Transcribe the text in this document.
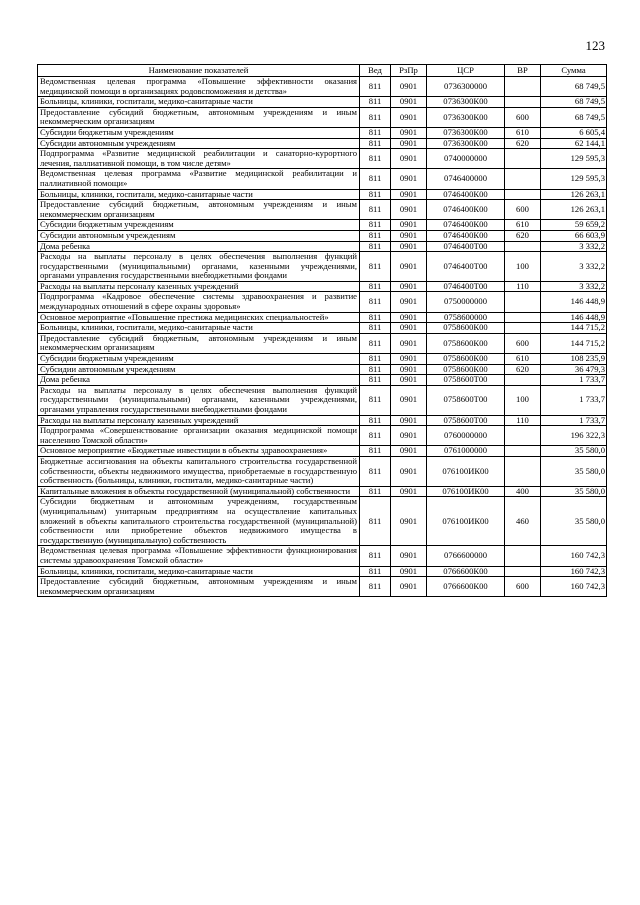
123
Наименование показателей	Вед	РзПр	ЦСР	ВР	Сумма
Ведомственная целевая программа «Повышение эффективности оказания медицинской помощи в организациях родовспоможения и детства»	811	0901	0736300000		68 749,5
Больницы, клиники, госпитали, медико-санитарные части	811	0901	0736300К00		68 749,5
Предоставление субсидий бюджетным, автономным учреждениям и иным некоммерческим организациям	811	0901	0736300К00	600	68 749,5
Субсидии бюджетным учреждениям	811	0901	0736300К00	610	6 605,4
Субсидии автономным учреждениям	811	0901	0736300К00	620	62 144,1
Подпрограмма «Развитие медицинской реабилитации и санаторно-курортного лечения, паллиативной помощи, в том числе детям»	811	0901	0740000000		129 595,3
Ведомственная целевая программа «Развитие медицинской реабилитации и паллиативной помощи»	811	0901	0746400000		129 595,3
Больницы, клиники, госпитали, медико-санитарные части	811	0901	0746400К00		126 263,1
Предоставление субсидий бюджетным, автономным учреждениям и иным некоммерческим организациям	811	0901	0746400К00	600	126 263,1
Субсидии бюджетным учреждениям	811	0901	0746400К00	610	59 659,2
Субсидии автономным учреждениям	811	0901	0746400К00	620	66 603,9
Дома ребенка	811	0901	0746400Т00		3 332,2
Расходы на выплаты персоналу в целях обеспечения выполнения функций государственными (муниципальными) органами, казенными учреждениями, органами управления государственными внебюджетными фондами	811	0901	0746400Т00	100	3 332,2
Расходы на выплаты персоналу казенных учреждений	811	0901	0746400Т00	110	3 332,2
Подпрограмма «Кадровое обеспечение системы здравоохранения и развитие международных отношений в сфере охраны здоровья»	811	0901	0750000000		146 448,9
Основное мероприятие «Повышение престижа медицинских специальностей»	811	0901	0758600000		146 448,9
Больницы, клиники, госпитали, медико-санитарные части	811	0901	0758600К00		144 715,2
Предоставление субсидий бюджетным, автономным учреждениям и иным некоммерческим организациям	811	0901	0758600К00	600	144 715,2
Субсидии бюджетным учреждениям	811	0901	0758600К00	610	108 235,9
Субсидии автономным учреждениям	811	0901	0758600К00	620	36 479,3
Дома ребенка	811	0901	0758600Т00		1 733,7
Расходы на выплаты персоналу в целях обеспечения выполнения функций государственными (муниципальными) органами, казенными учреждениями, органами управления государственными внебюджетными фондами	811	0901	0758600Т00	100	1 733,7
Расходы на выплаты персоналу казенных учреждений	811	0901	0758600Т00	110	1 733,7
Подпрограмма «Совершенствование организации оказания медицинской помощи населению Томской области»	811	0901	0760000000		196 322,3
Основное мероприятие «Бюджетные инвестиции в объекты здравоохранения»	811	0901	0761000000		35 580,0
Бюджетные ассигнования на объекты капитального строительства государственной собственности, объекты недвижимого имущества, приобретаемые в государственную собственность (больницы, клиники, госпитали, медико-санитарные части)	811	0901	076100ИК00		35 580,0
Капитальные вложения в объекты государственной (муниципальной) собственности	811	0901	076100ИК00	400	35 580,0
Субсидии бюджетным и автономным учреждениям, государственным (муниципальным) унитарным предприятиям на осуществление капитальных вложений в объекты капитального строительства государственной (муниципальной) собственности или приобретение объектов недвижимого имущества в государственную (муниципальную) собственность	811	0901	076100ИК00	460	35 580,0
Ведомственная целевая программа «Повышение эффективности функционирования системы здравоохранения Томской области»	811	0901	0766600000		160 742,3
Больницы, клиники, госпитали, медико-санитарные части	811	0901	0766600К00		160 742,3
Предоставление субсидий бюджетным, автономным учреждениям и иным некоммерческим организациям	811	0901	0766600К00	600	160 742,3
